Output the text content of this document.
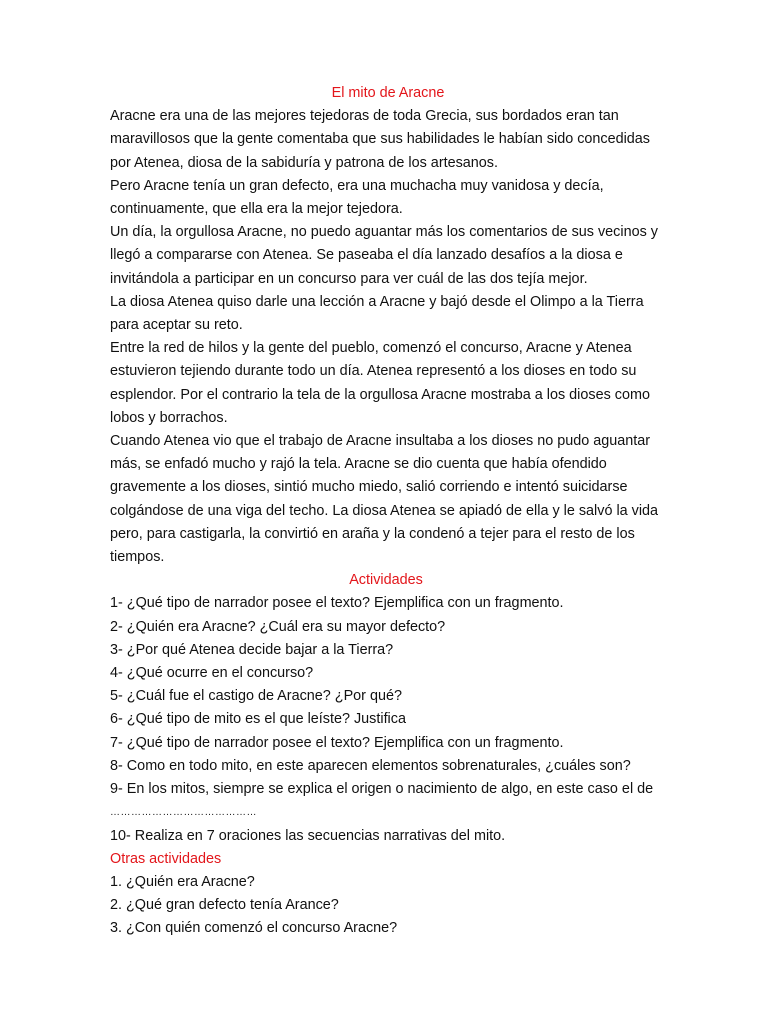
El mito de Aracne

Aracne era una de las mejores tejedoras de toda Grecia, sus bordados eran tan
maravillosos que la gente comentaba que sus habilidades le habían sido concedidas
por Atenea, diosa de la sabiduría y patrona de los artesanos.
Pero Aracne tenía un gran defecto, era una muchacha muy vanidosa y decía,
continuamente, que ella era la mejor tejedora.
Un día, la orgullosa Aracne, no puedo aguantar más los comentarios de sus vecinos y
llegó a compararse con Atenea. Se paseaba el día lanzado desafíos a la diosa e
invitándola a participar en un concurso para ver cuál de las dos tejía mejor.
La diosa Atenea quiso darle una lección a Aracne y bajó desde el Olimpo a la Tierra
para aceptar su reto.
Entre la red de hilos y la gente del pueblo, comenzó el concurso, Aracne y Atenea
estuvieron tejiendo durante todo un día. Atenea representó a los dioses en todo su
esplendor. Por el contrario la tela de la orgullosa Aracne mostraba a los dioses como
lobos y borrachos.
Cuando Atenea vio que el trabajo de Aracne insultaba a los dioses no pudo aguantar
más, se enfadó mucho y rajó la tela. Aracne se dio cuenta que había ofendido
gravemente a los dioses, sintió mucho miedo, salió corriendo e intentó suicidarse
colgándose de una viga del techo. La diosa Atenea se apiadó de ella y le salvó la vida
pero, para castigarla, la convirtió en araña y la condenó a tejer para el resto de los
tiempos.

Actividades

1- ¿Qué tipo de narrador posee el texto? Ejemplifica con un fragmento.

2- ¿Quién era Aracne? ¿Cuál era su mayor defecto?

3- ¿Por qué Atenea decide bajar a la Tierra?

4- ¿Qué ocurre en el concurso?

5- ¿Cuál fue el castigo de Aracne? ¿Por qué?

6- ¿Qué tipo de mito es el que leíste? Justifica

7- ¿Qué tipo de narrador posee el texto? Ejemplifica con un fragmento.

8- Como en todo mito, en este aparecen elementos sobrenaturales, ¿cuáles son?

9- En los mitos, siempre se explica el origen o nacimiento de algo, en este caso el de

……………………………………

10- Realiza en 7 oraciones las secuencias narrativas del mito.

Otras actividades

1. ¿Quién era Aracne?

2. ¿Qué gran defecto tenía Arance?

3. ¿Con quién comenzó el concurso Aracne?
